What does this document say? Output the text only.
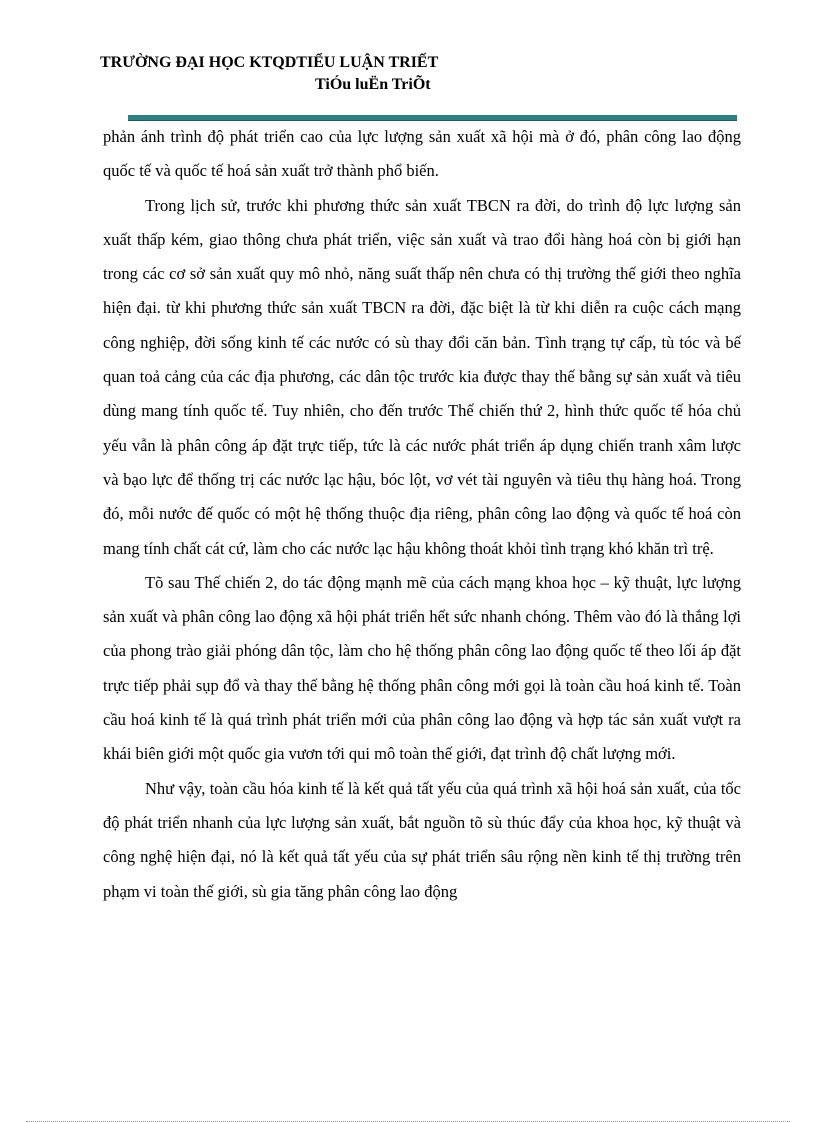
TRƯỜNG ĐẠI HỌC KTQDTIỂU LUẬN TRIẾT
TiÓu luËn TriÕt

phản ánh trình độ phát triển cao của lực lượng sản xuất xã hội mà ở đó, phân công lao động quốc tế và quốc tế hoá sản xuất trở thành phổ biến.

Trong lịch sử, trước khi phương thức sản xuất TBCN ra đời, do trình độ lực lượng sản xuất thấp kém, giao thông chưa phát triển, việc sản xuất và trao đổi hàng hoá còn bị giới hạn trong các cơ sở sản xuất quy mô nhỏ, năng suất thấp nên chưa có thị trường thế giới theo nghĩa hiện đại. từ khi phương thức sản xuất TBCN ra đời, đặc biệt là từ khi diễn ra cuộc cách mạng công nghiệp, đời sống kinh tế các nước có sù thay đổi căn bản. Tình trạng tự cấp, tù tóc và bế quan toả cảng của các địa phương, các dân tộc trước kia được thay thế bằng sự sản xuất và tiêu dùng mang tính quốc tế. Tuy nhiên, cho đến trước Thế chiến thứ 2, hình thức quốc tế hóa chủ yếu vẫn là phân công áp đặt trực tiếp, tức là các nước phát triển áp dụng chiến tranh xâm lược và bạo lực để thống trị các nước lạc hậu, bóc lột, vơ vét tài nguyên và tiêu thụ hàng hoá. Trong đó, mỗi nước đế quốc có một hệ thống thuộc địa riêng, phân công lao động và quốc tế hoá còn mang tính chất cát cứ, làm cho các nước lạc hậu không thoát khỏi tình trạng khó khăn trì trệ.

Tõ sau Thế chiến 2, do tác động mạnh mẽ của cách mạng khoa học – kỹ thuật, lực lượng sản xuất và phân công lao động xã hội phát triển hết sức nhanh chóng. Thêm vào đó là thắng lợi của phong trào giải phóng dân tộc, làm cho hệ thống phân công lao động quốc tế theo lối áp đặt trực tiếp phải sụp đổ và thay thế bằng hệ thống phân công mới gọi là toàn cầu hoá kinh tế. Toàn cầu hoá kinh tế là quá trình phát triển mới của phân công lao động và hợp tác sản xuất vượt ra khái biên giới một quốc gia vươn tới qui mô toàn thế giới, đạt trình độ chất lượng mới.

Như vậy, toàn cầu hóa kinh tế là kết quả tất yếu của quá trình xã hội hoá sản xuất, của tốc độ phát triển nhanh của lực lượng sản xuất, bắt nguồn tõ sù thúc đẩy của khoa học, kỹ thuật và công nghệ hiện đại, nó là kết quả tất yếu của sự phát triển sâu rộng nền kinh tế thị trường trên phạm vi toàn thế giới, sù gia tăng phân công lao động
